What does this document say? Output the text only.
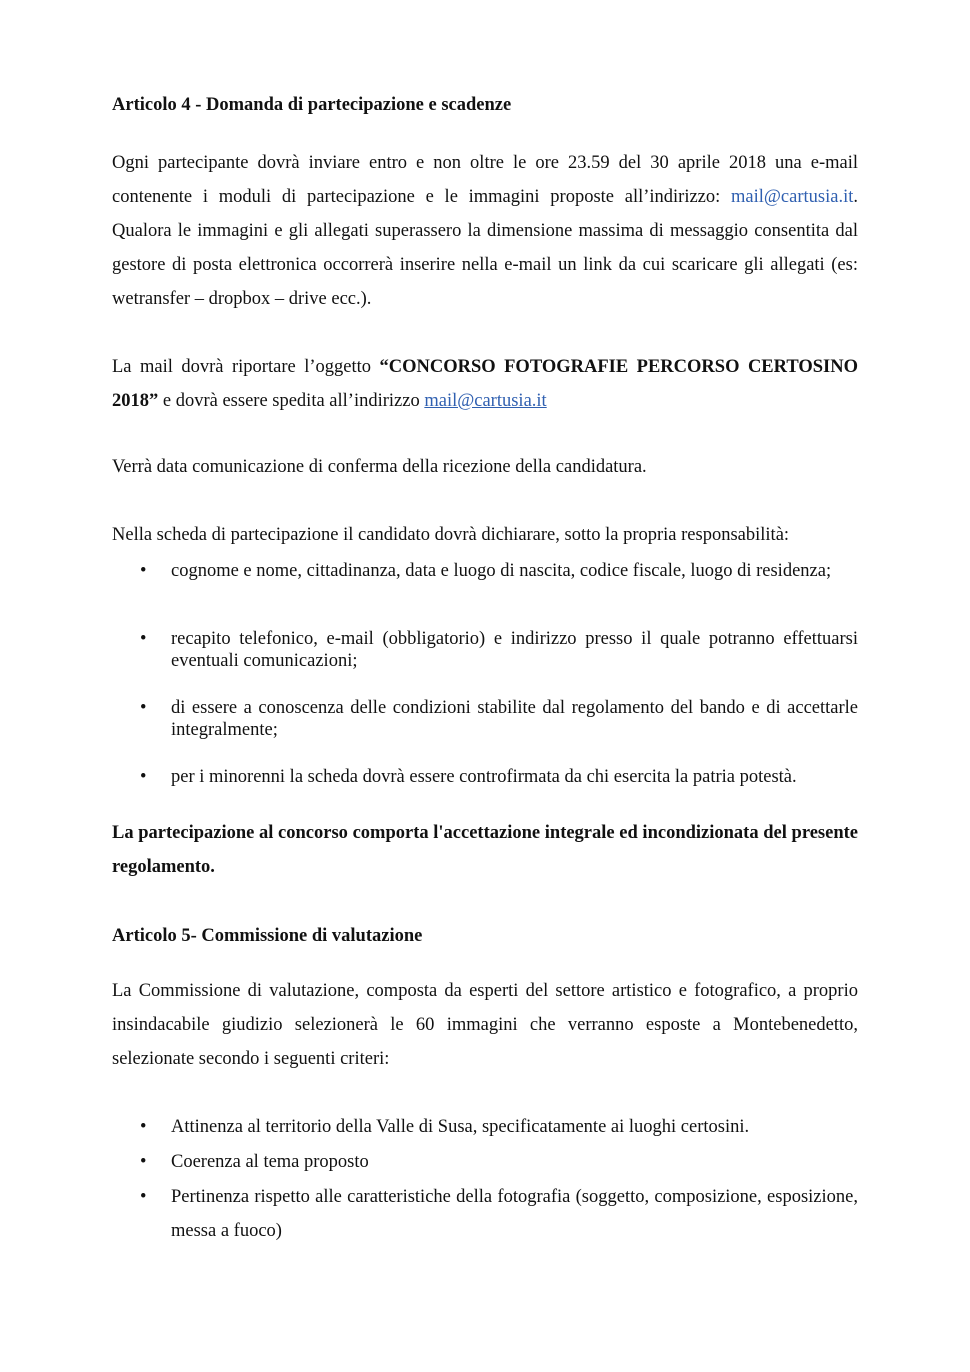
Articolo 4 - Domanda di partecipazione e scadenze

Ogni partecipante dovrà inviare entro e non oltre le ore 23.59 del 30 aprile 2018 una e-mail contenente i moduli di partecipazione e le immagini proposte all’indirizzo: mail@cartusia.it. Qualora le immagini e gli allegati superassero la dimensione massima di messaggio consentita dal gestore di posta elettronica occorrerà inserire nella e-mail un link da cui scaricare gli allegati (es: wetransfer – dropbox – drive ecc.).

La mail dovrà riportare l’oggetto “CONCORSO FOTOGRAFIE PERCORSO CERTOSINO 2018” e dovrà essere spedita all’indirizzo mail@cartusia.it

Verrà data comunicazione di conferma della ricezione della candidatura.

Nella scheda di partecipazione il candidato dovrà dichiarare, sotto la propria responsabilità:

• cognome e nome, cittadinanza, data e luogo di nascita, codice fiscale, luogo di residenza;
• recapito telefonico, e-mail (obbligatorio) e indirizzo presso il quale potranno effettuarsi eventuali comunicazioni;
• di essere a conoscenza delle condizioni stabilite dal regolamento del bando e di accettarle integralmente;
• per i minorenni la scheda dovrà essere controfirmata da chi esercita la patria potestà.

La partecipazione al concorso comporta l'accettazione integrale ed incondizionata del presente regolamento.

Articolo 5- Commissione di valutazione

La Commissione di valutazione, composta da esperti del settore artistico e fotografico, a proprio insindacabile giudizio selezionerà le 60 immagini che verranno esposte a Montebenedetto, selezionate secondo i seguenti criteri:

• Attinenza al territorio della Valle di Susa, specificatamente ai luoghi certosini.
• Coerenza al tema proposto
• Pertinenza rispetto alle caratteristiche della fotografia (soggetto, composizione, esposizione, messa a fuoco)
